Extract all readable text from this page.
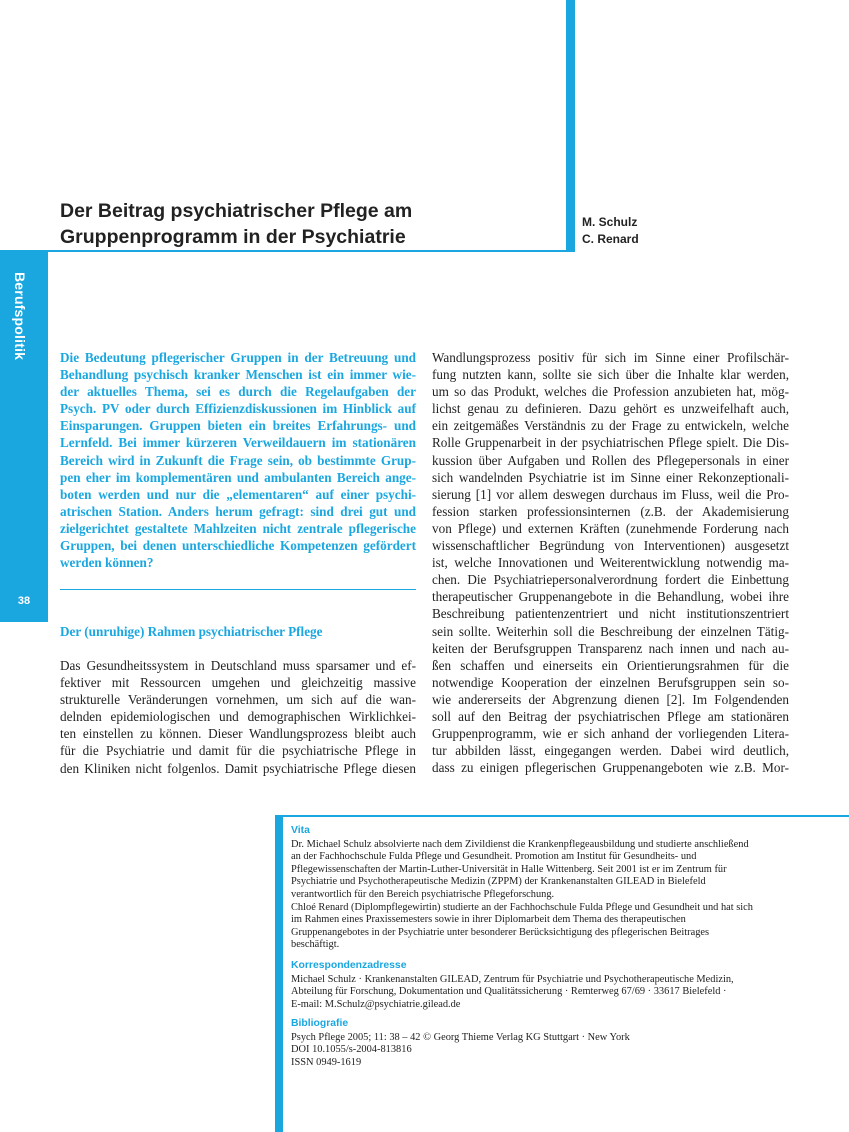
Berufspolitik
38
Der Beitrag psychiatrischer Pflege am
Gruppenprogramm in der Psychiatrie
M. Schulz
C. Renard
Die Bedeutung pflegerischer Gruppen in der Betreuung und
Behandlung psychisch kranker Menschen ist ein immer wie-
der aktuelles Thema, sei es durch die Regelaufgaben der
Psych. PV oder durch Effizienzdiskussionen im Hinblick auf
Einsparungen. Gruppen bieten ein breites Erfahrungs- und
Lernfeld. Bei immer kürzeren Verweildauern im stationären
Bereich wird in Zukunft die Frage sein, ob bestimmte Grup-
pen eher im komplementären und ambulanten Bereich ange-
boten werden und nur die „elementaren“ auf einer psychi-
atrischen Station. Anders herum gefragt: sind drei gut und
zielgerichtet gestaltete Mahlzeiten nicht zentrale pflegerische
Gruppen, bei denen unterschiedliche Kompetenzen gefördert
werden können?
Der (unruhige) Rahmen psychiatrischer Pflege
Das Gesundheitssystem in Deutschland muss sparsamer und ef-
fektiver mit Ressourcen umgehen und gleichzeitig massive
strukturelle Veränderungen vornehmen, um sich auf die wan-
delnden epidemiologischen und demographischen Wirklichkei-
ten einstellen zu können. Dieser Wandlungsprozess bleibt auch
für die Psychiatrie und damit für die psychiatrische Pflege in
den Kliniken nicht folgenlos. Damit psychiatrische Pflege diesen
Wandlungsprozess positiv für sich im Sinne einer Profilschär-
fung nutzten kann, sollte sie sich über die Inhalte klar werden,
um so das Produkt, welches die Profession anzubieten hat, mög-
lichst genau zu definieren. Dazu gehört es unzweifelhaft auch,
ein zeitgemäßes Verständnis zu der Frage zu entwickeln, welche
Rolle Gruppenarbeit in der psychiatrischen Pflege spielt. Die Dis-
kussion über Aufgaben und Rollen des Pflegepersonals in einer
sich wandelnden Psychiatrie ist im Sinne einer Rekonzeptionali-
sierung [1] vor allem deswegen durchaus im Fluss, weil die Pro-
fession starken professionsinternen (z.B. der Akademisierung
von Pflege) und externen Kräften (zunehmende Forderung nach
wissenschaftlicher Begründung von Interventionen) ausgesetzt
ist, welche Innovationen und Weiterentwicklung notwendig ma-
chen. Die Psychiatriepersonalverordnung fordert die Einbettung
therapeutischer Gruppenangebote in die Behandlung, wobei ihre
Beschreibung patientenzentriert und nicht institutionszentriert
sein sollte. Weiterhin soll die Beschreibung der einzelnen Tätig-
keiten der Berufsgruppen Transparenz nach innen und nach au-
ßen schaffen und einerseits ein Orientierungsrahmen für die
notwendige Kooperation der einzelnen Berufsgruppen sein so-
wie andererseits der Abgrenzung dienen [2]. Im Folgendenden
soll auf den Beitrag der psychiatrischen Pflege am stationären
Gruppenprogramm, wie er sich anhand der vorliegenden Litera-
tur abbilden lässt, eingegangen werden. Dabei wird deutlich,
dass zu einigen pflegerischen Gruppenangeboten wie z.B. Mor-
Vita
Dr. Michael Schulz absolvierte nach dem Zivildienst die Krankenpflegeausbildung und studierte anschließend
an der Fachhochschule Fulda Pflege und Gesundheit. Promotion am Institut für Gesundheits- und
Pflegewissenschaften der Martin-Luther-Universität in Halle Wittenberg. Seit 2001 ist er im Zentrum für
Psychiatrie und Psychotherapeutische Medizin (ZPPM) der Krankenanstalten GILEAD in Bielefeld
verantwortlich für den Bereich psychiatrische Pflegeforschung.
Chloé Renard (Diplompflegewirtin) studierte an der Fachhochschule Fulda Pflege und Gesundheit und hat sich
im Rahmen eines Praxissemesters sowie in ihrer Diplomarbeit dem Thema des therapeutischen
Gruppenangebotes in der Psychiatrie unter besonderer Berücksichtigung des pflegerischen Beitrages
beschäftigt.
Korrespondenzadresse
Michael Schulz · Krankenanstalten GILEAD, Zentrum für Psychiatrie und Psychotherapeutische Medizin,
Abteilung für Forschung, Dokumentation und Qualitätssicherung · Remterweg 67/69 · 33617 Bielefeld ·
E-mail: M.Schulz@psychiatrie.gilead.de
Bibliografie
Psych Pflege 2005; 11: 38 – 42 © Georg Thieme Verlag KG Stuttgart · New York
DOI 10.1055/s-2004-813816
ISSN 0949-1619
